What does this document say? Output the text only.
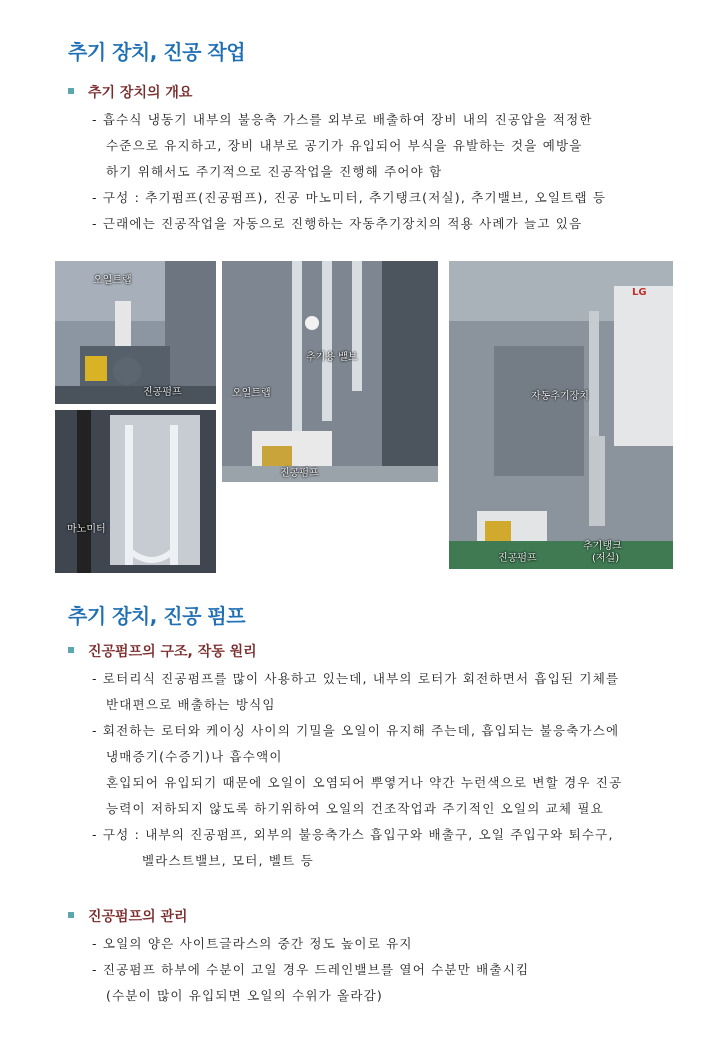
추기 장치, 진공 작업
추기 장치의 개요
- 흡수식 냉동기 내부의 불응축 가스를 외부로 배출하여 장비 내의 진공압을 적정한
수준으로 유지하고, 장비 내부로 공기가 유입되어 부식을 유발하는 것을 예방을
하기 위해서도 주기적으로 진공작업을 진행해 주어야 함
- 구성 : 추기펌프(진공펌프), 진공 마노미터, 추기탱크(저실), 추기밸브, 오일트랩 등
- 근래에는 진공작업을 자동으로 진행하는 자동추기장치의 적용 사례가 늘고 있음
오일트랩
진공펌프
마노미터
추기용 밸브
오일트랩
진공펌프
LG
자동추기장치
진공펌프
추기탱크
(저실)
추기 장치, 진공 펌프
진공펌프의 구조, 작동 원리
- 로터리식 진공펌프를 많이 사용하고 있는데, 내부의 로터가 회전하면서 흡입된 기체를
반대편으로 배출하는 방식임
- 회전하는 로터와 케이싱 사이의 기밀을 오일이 유지해 주는데, 흡입되는 불응축가스에
냉매증기(수증기)나 흡수액이
혼입되어 유입되기 때문에 오일이 오염되어 뿌옇거나 약간 누런색으로 변할 경우 진공
능력이 저하되지 않도록 하기위하여 오일의 건조작업과 주기적인 오일의 교체 필요
- 구성 : 내부의 진공펌프, 외부의 불응축가스 흡입구와 배출구, 오일 주입구와 퇴수구,
벨라스트밸브, 모터, 벨트 등
진공펌프의 관리
- 오일의 양은 사이트글라스의 중간 정도 높이로 유지
- 진공펌프 하부에 수분이 고일 경우 드레인밸브를 열어 수분만 배출시킴
(수분이 많이 유입되면 오일의 수위가 올라감)
